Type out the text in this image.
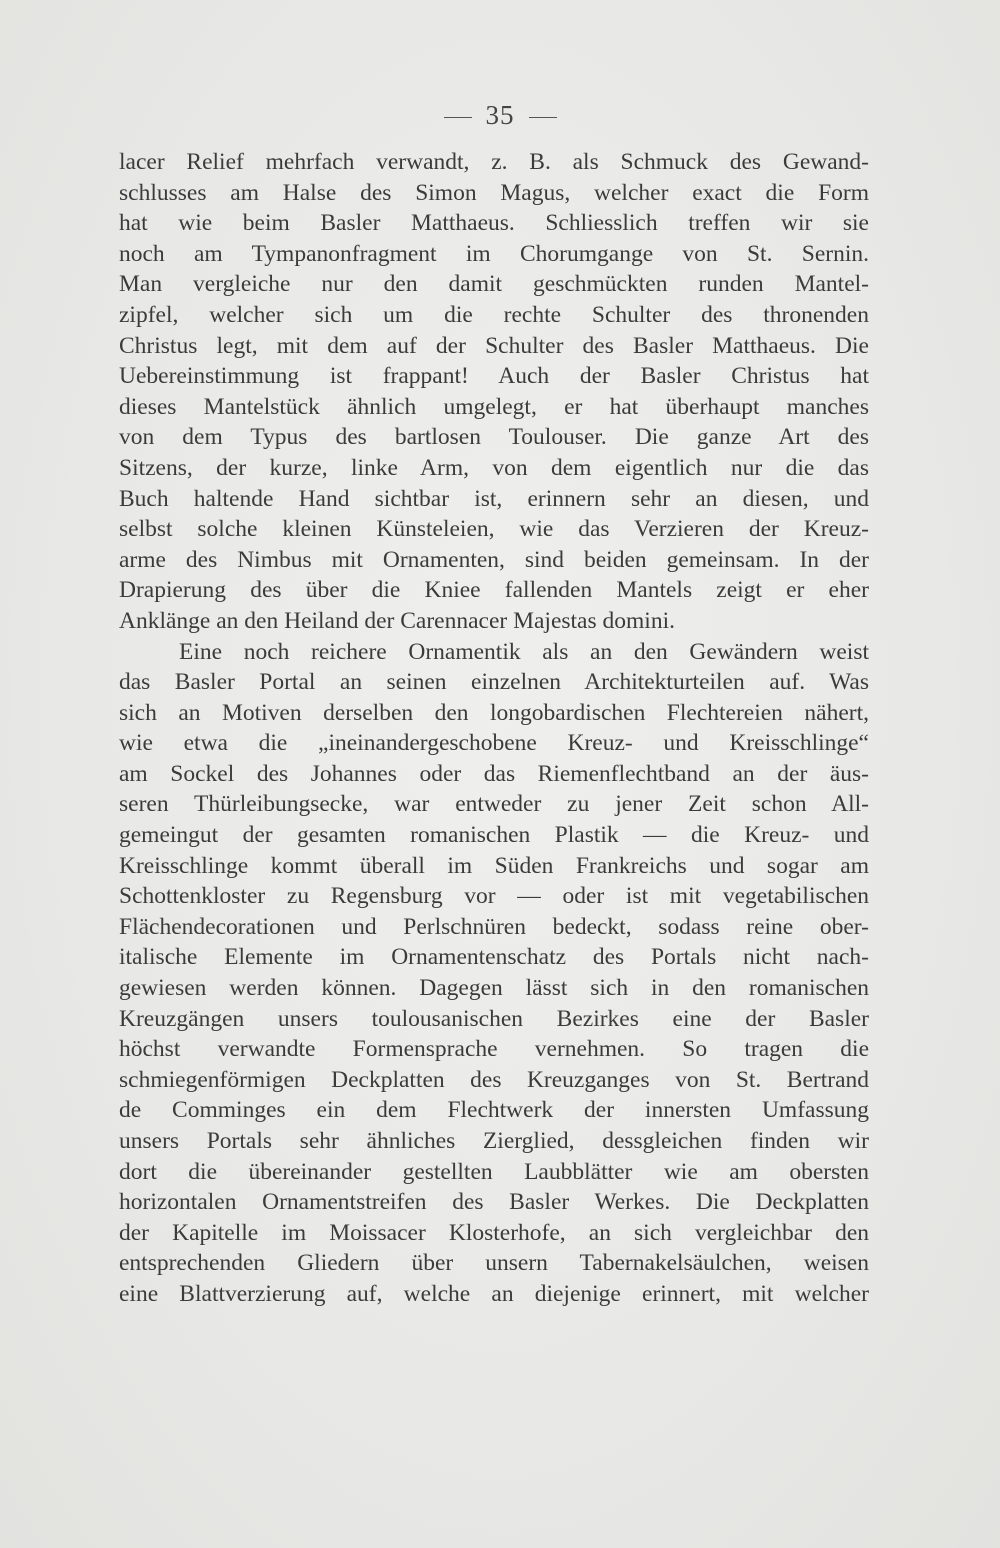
35
lacer Relief mehrfach verwandt, z. B. als Schmuck des Gewand-
schlusses am Halse des Simon Magus, welcher exact die Form
hat wie beim Basler Matthaeus. Schliesslich treffen wir sie
noch am Tympanonfragment im Chorumgange von St. Sernin.
Man vergleiche nur den damit geschmückten runden Mantel-
zipfel, welcher sich um die rechte Schulter des thronenden
Christus legt, mit dem auf der Schulter des Basler Matthaeus. Die
Uebereinstimmung ist frappant! Auch der Basler Christus hat
dieses Mantelstück ähnlich umgelegt, er hat überhaupt manches
von dem Typus des bartlosen Toulouser. Die ganze Art des
Sitzens, der kurze, linke Arm, von dem eigentlich nur die das
Buch haltende Hand sichtbar ist, erinnern sehr an diesen, und
selbst solche kleinen Künsteleien, wie das Verzieren der Kreuz-
arme des Nimbus mit Ornamenten, sind beiden gemeinsam. In der
Drapierung des über die Kniee fallenden Mantels zeigt er eher
Anklänge an den Heiland der Carennacer Majestas domini.
Eine noch reichere Ornamentik als an den Gewändern weist
das Basler Portal an seinen einzelnen Architekturteilen auf. Was
sich an Motiven derselben den longobardischen Flechtereien nähert,
wie etwa die „ineinandergeschobene Kreuz- und Kreisschlinge“
am Sockel des Johannes oder das Riemenflechtband an der äus-
seren Thürleibungsecke, war entweder zu jener Zeit schon All-
gemeingut der gesamten romanischen Plastik — die Kreuz- und
Kreisschlinge kommt überall im Süden Frankreichs und sogar am
Schottenkloster zu Regensburg vor — oder ist mit vegetabilischen
Flächendecorationen und Perlschnüren bedeckt, sodass reine ober-
italische Elemente im Ornamentenschatz des Portals nicht nach-
gewiesen werden können. Dagegen lässt sich in den romanischen
Kreuzgängen unsers toulousanischen Bezirkes eine der Basler
höchst verwandte Formensprache vernehmen. So tragen die
schmiegenförmigen Deckplatten des Kreuzganges von St. Bertrand
de Comminges ein dem Flechtwerk der innersten Umfassung
unsers Portals sehr ähnliches Zierglied, dessgleichen finden wir
dort die übereinander gestellten Laubblätter wie am obersten
horizontalen Ornamentstreifen des Basler Werkes. Die Deckplatten
der Kapitelle im Moissacer Klosterhofe, an sich vergleichbar den
entsprechenden Gliedern über unsern Tabernakelsäulchen, weisen
eine Blattverzierung auf, welche an diejenige erinnert, mit welcher
